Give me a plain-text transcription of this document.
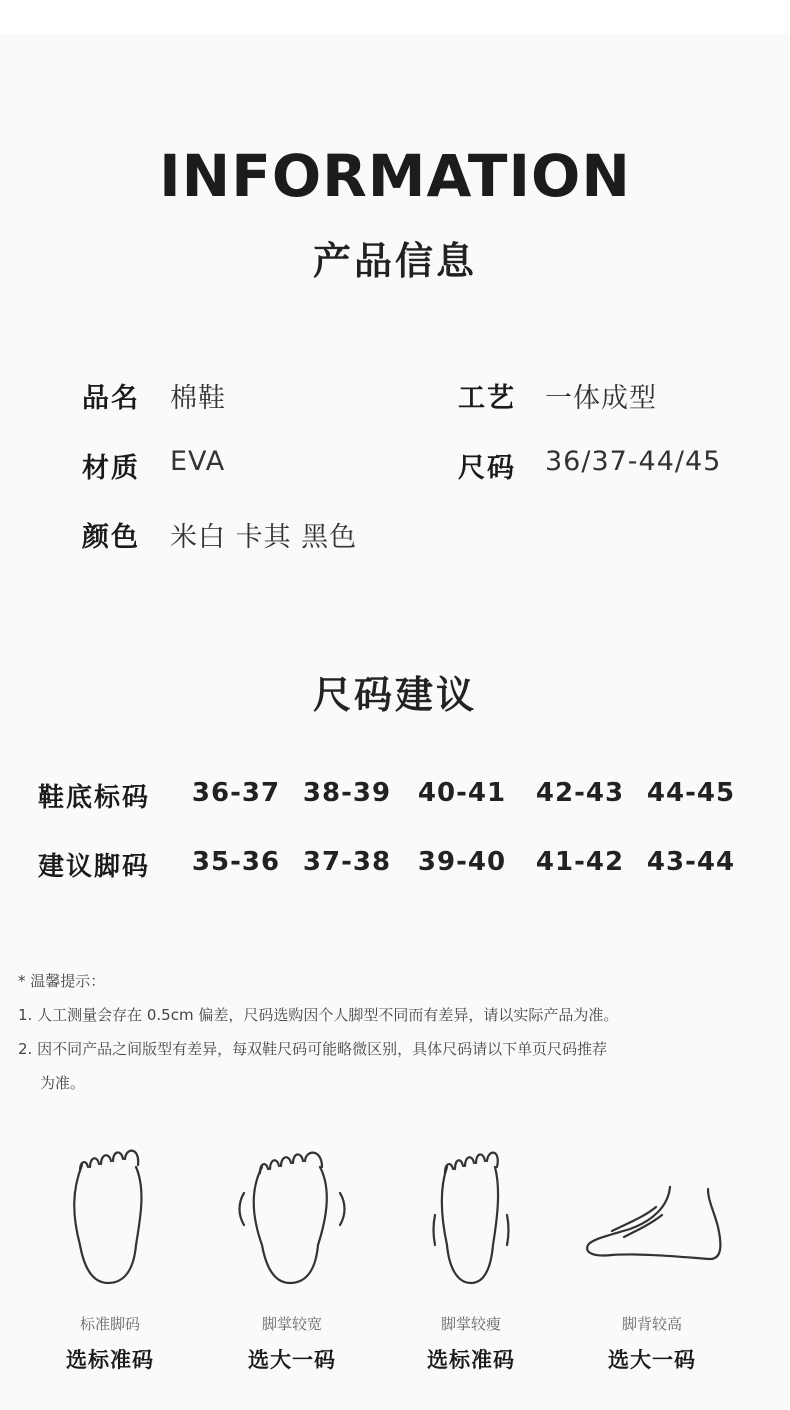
INFORMATION
产品信息
品名 棉鞋	工艺 一体成型
材质 EVA	尺码 36/37-44/45
颜色 米白 卡其 黑色
尺码建议
鞋底标码	36-37 38-39	40-41	42-43 44-45
建议脚码	35-36 37-38	39-40	41-42 43-44
* 温馨提示：
1. 人工测量会存在 0.5cm 偏差，尺码选购因个人脚型不同而有差异，请以实际产品为准。
2. 因不同产品之间版型有差异，每双鞋尺码可能略微区别，具体尺码请以下单页尺码推荐
为准。
标准脚码	脚掌较宽	脚掌较瘦	脚背较高
选标准码	选大一码	选标准码	选大一码
